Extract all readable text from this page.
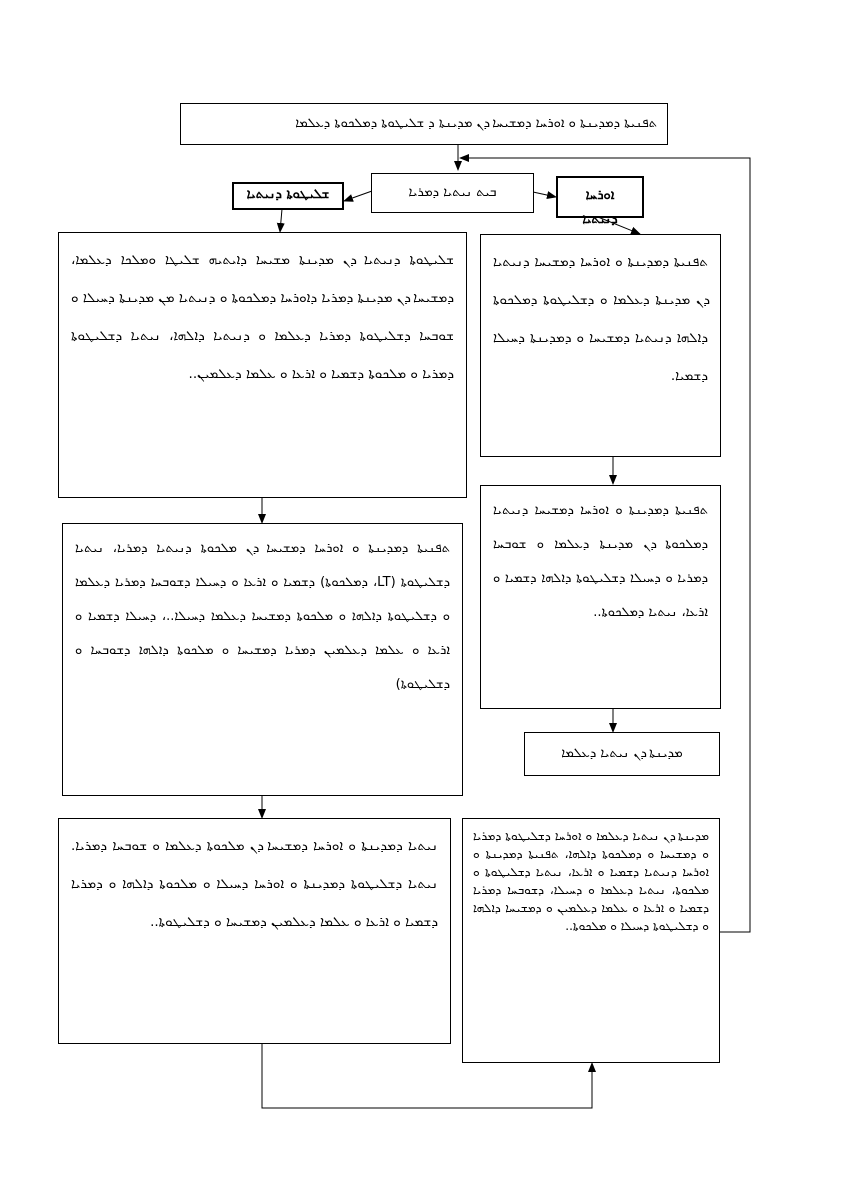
ܬܦܢܝܬܐ ܕܡܕܝܢܬܐ ܘ ܐܘܪܚܐ ܕܡܫܝܚܐ ܕܢ ܡܕܝܢܬܐ ܕ ܫܠܝܛܘܬܐ ܕܡܠܟܘܬܐ ܕܥܠܡܐ
ܒܝܬ ܢܝܬܝܐ ܕܡܪܝܐ	ܐܘܪܚܐ ܕܢܝܬܝܐ
ܫܠܝܛܘܬܐ ܕܢܝܬܝܐ
ܫܠܝܛܘܬܐ ܕܢܝܬܝܐ ܕܢ ܡܕܝܢܬܐ ܡܫܝܚܐ ܕܐܝܬܝܗ ܫܠܝܛܐ ܘܡܠܟܐ ܕܥܠܡܐ، ܕܡܫܝܚܐ ܕܢ ܡܕܝܢܬܐ ܕܡܪܝܐ ܕܐܘܪܚܐ ܕܡܠܟܘܬܐ ܘ ܕܢܝܬܝܐ ܡܢ ܡܕܝܢܬܐ ܕܚܝܠܐ ܘ ܫܘܒܚܐ ܕܫܠܝܛܘܬܐ ܕܡܪܝܐ ܕܥܠܡܐ ܘ ܕܢܝܬܝܐ ܕܐܠܗܐ، ܢܝܬܝܐ ܕܫܠܝܛܘܬܐ ܕܡܪܝܐ ܘ ܡܠܟܘܬܐ ܕܫܡܝܐ ܘ ܐܪܥܐ ܘ ܥܠܡܐ ܕܥܠܡܝܢ..
ܬܦܢܝܬܐ ܕܡܕܝܢܬܐ ܘ ܐܘܪܚܐ ܕܡܫܝܚܐ ܕܢܝܬܝܐ ܕܢ ܡܕܝܢܬܐ ܕܥܠܡܐ ܘ ܕܫܠܝܛܘܬܐ ܕܡܠܟܘܬܐ ܕܐܠܗܐ ܕܢܝܬܝܐ ܕܡܫܝܚܐ ܘ ܕܡܕܝܢܬܐ ܕܚܝܠܐ ܕܫܡܝܐ.
ܬܦܢܝܬܐ ܕܡܕܝܢܬܐ ܘ ܐܘܪܚܐ ܕܡܫܝܚܐ ܕܢܝܬܝܐ ܕܡܠܟܘܬܐ ܕܢ ܡܕܝܢܬܐ ܕܥܠܡܐ ܘ ܫܘܒܚܐ ܕܡܪܝܐ ܘ ܕܚܝܠܐ ܕܫܠܝܛܘܬܐ ܕܐܠܗܐ ܕܫܡܝܐ ܘ ܐܪܥܐ، ܢܝܬܝܐ ܕܡܠܟܘܬܐ..
ܡܕܝܢܬܐ ܕܢ ܢܝܬܝܐ ܕܥܠܡܐ
ܬܦܢܝܬܐ ܕܡܕܝܢܬܐ ܘ ܐܘܪܚܐ ܕܡܫܝܚܐ ܕܢ ܡܠܟܘܬܐ ܕܢܝܬܝܐ ܕܡܪܝܐ، ܢܝܬܝܐ ܕܫܠܝܛܘܬܐ (LT، ܕܡܠܟܘܬܐ) ܕܫܡܝܐ ܘ ܐܪܥܐ ܘ ܕܚܝܠܐ ܕܫܘܒܚܐ ܕܡܪܝܐ ܕܥܠܡܐ ܘ ܕܫܠܝܛܘܬܐ ܕܐܠܗܐ ܘ ܡܠܟܘܬܐ ܕܡܫܝܚܐ ܕܥܠܡܐ ܕܚܝܠܐ..، ܕܚܝܠܐ ܕܫܡܝܐ ܘ ܐܪܥܐ ܘ ܥܠܡܐ ܕܥܠܡܝܢ ܕܡܪܝܐ ܕܡܫܝܚܐ ܘ ܡܠܟܘܬܐ ܕܐܠܗܐ ܕܫܘܒܚܐ ܘ ܕܫܠܝܛܘܬܐ)
ܢܝܬܝܐ ܕܡܕܝܢܬܐ ܘ ܐܘܪܚܐ ܕܡܫܝܚܐ ܕܢ ܡܠܟܘܬܐ ܕܥܠܡܐ ܘ ܫܘܒܚܐ ܕܡܪܝܐ. ܢܝܬܝܐ ܕܫܠܝܛܘܬܐ ܕܡܕܝܢܬܐ ܘ ܐܘܪܚܐ ܕܚܝܠܐ ܘ ܡܠܟܘܬܐ ܕܐܠܗܐ ܘ ܕܡܪܝܐ ܕܫܡܝܐ ܘ ܐܪܥܐ ܘ ܥܠܡܐ ܕܥܠܡܝܢ ܕܡܫܝܚܐ ܘ ܕܫܠܝܛܘܬܐ..
ܡܕܝܢܬܐ ܕܢ ܢܝܬܝܐ ܕܥܠܡܐ ܘ ܐܘܪܚܐ ܕܫܠܝܛܘܬܐ ܕܡܪܝܐ ܘ ܕܡܫܝܚܐ ܘ ܕܡܠܟܘܬܐ ܕܐܠܗܐ، ܬܦܢܝܬܐ ܕܡܕܝܢܬܐ ܘ ܐܘܪܚܐ ܕܢܝܬܝܐ ܕܫܡܝܐ ܘ ܐܪܥܐ، ܢܝܬܝܐ ܕܫܠܝܛܘܬܐ ܘ ܡܠܟܘܬܐ، ܢܝܬܝܐ ܕܥܠܡܐ ܘ ܕܚܝܠܐ، ܕܫܘܒܚܐ ܕܡܪܝܐ ܕܫܡܝܐ ܘ ܐܪܥܐ ܘ ܥܠܡܐ ܕܥܠܡܝܢ ܘ ܕܡܫܝܚܐ ܕܐܠܗܐ ܘ ܕܫܠܝܛܘܬܐ ܕܚܝܠܐ ܘ ܡܠܟܘܬܐ..
